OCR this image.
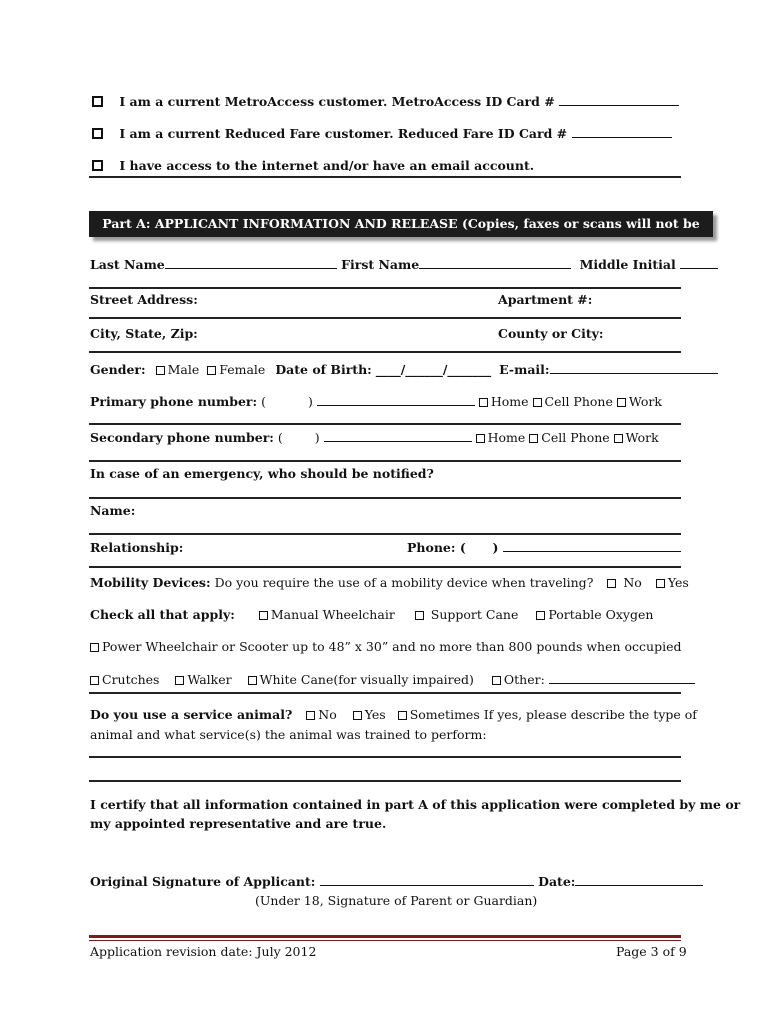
I am a current MetroAccess customer. MetroAccess ID Card #
I am a current Reduced Fare customer. Reduced Fare ID Card #
I have access to the internet and/or have an email account.
Part A: APPLICANT INFORMATION AND RELEASE (Copies, faxes or scans will not be accepted)
Last Name	First Name	Middle Initial
Street Address:	Apartment #:
City, State, Zip:	County or City:
Gender: Male Female Date of Birth: ____/______/_______ E-mail:
Primary phone number: (	)	Home Cell Phone Work
Secondary phone number: (	)	Home Cell Phone Work
In case of an emergency, who should be notified?
Name:
Relationship:	Phone: ( )
Mobility Devices: Do you require the use of a mobility device when traveling? No Yes
Check all that apply:	Manual Wheelchair	Support Cane Portable Oxygen
Power Wheelchair or Scooter up to 48” x 30” and no more than 800 pounds when occupied
Crutches Walker White Cane(for visually impaired) Other:
Do you use a service animal? No Yes Sometimes If yes, please describe the type of
animal and what service(s) the animal was trained to perform:
I certify that all information contained in part A of this application were completed by me or
my appointed representative and are true.
Original Signature of Applicant:	Date:
(Under 18, Signature of Parent or Guardian)
Application revision date: July 2012	Page 3 of 9
